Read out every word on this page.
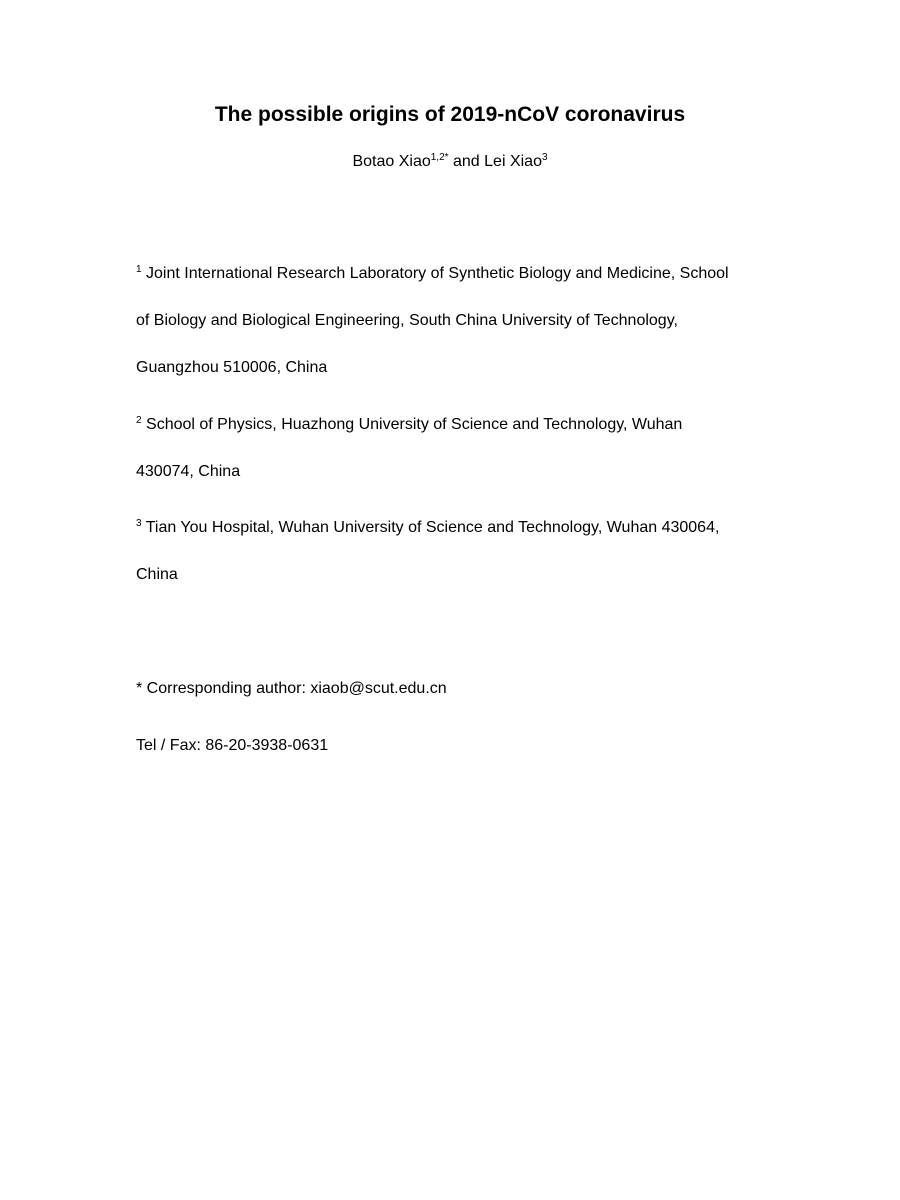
The possible origins of 2019-nCoV coronavirus
Botao Xiao$^{1,2*}$ and Lei Xiao$^3$
$^1$ Joint International Research Laboratory of Synthetic Biology and Medicine, School
of Biology and Biological Engineering, South China University of Technology,
Guangzhou 510006, China
$^2$ School of Physics, Huazhong University of Science and Technology, Wuhan
430074, China
$^3$ Tian You Hospital, Wuhan University of Science and Technology, Wuhan 430064,
China
* Corresponding author: xiaob@scut.edu.cn
Tel / Fax: 86-20-3938-0631
